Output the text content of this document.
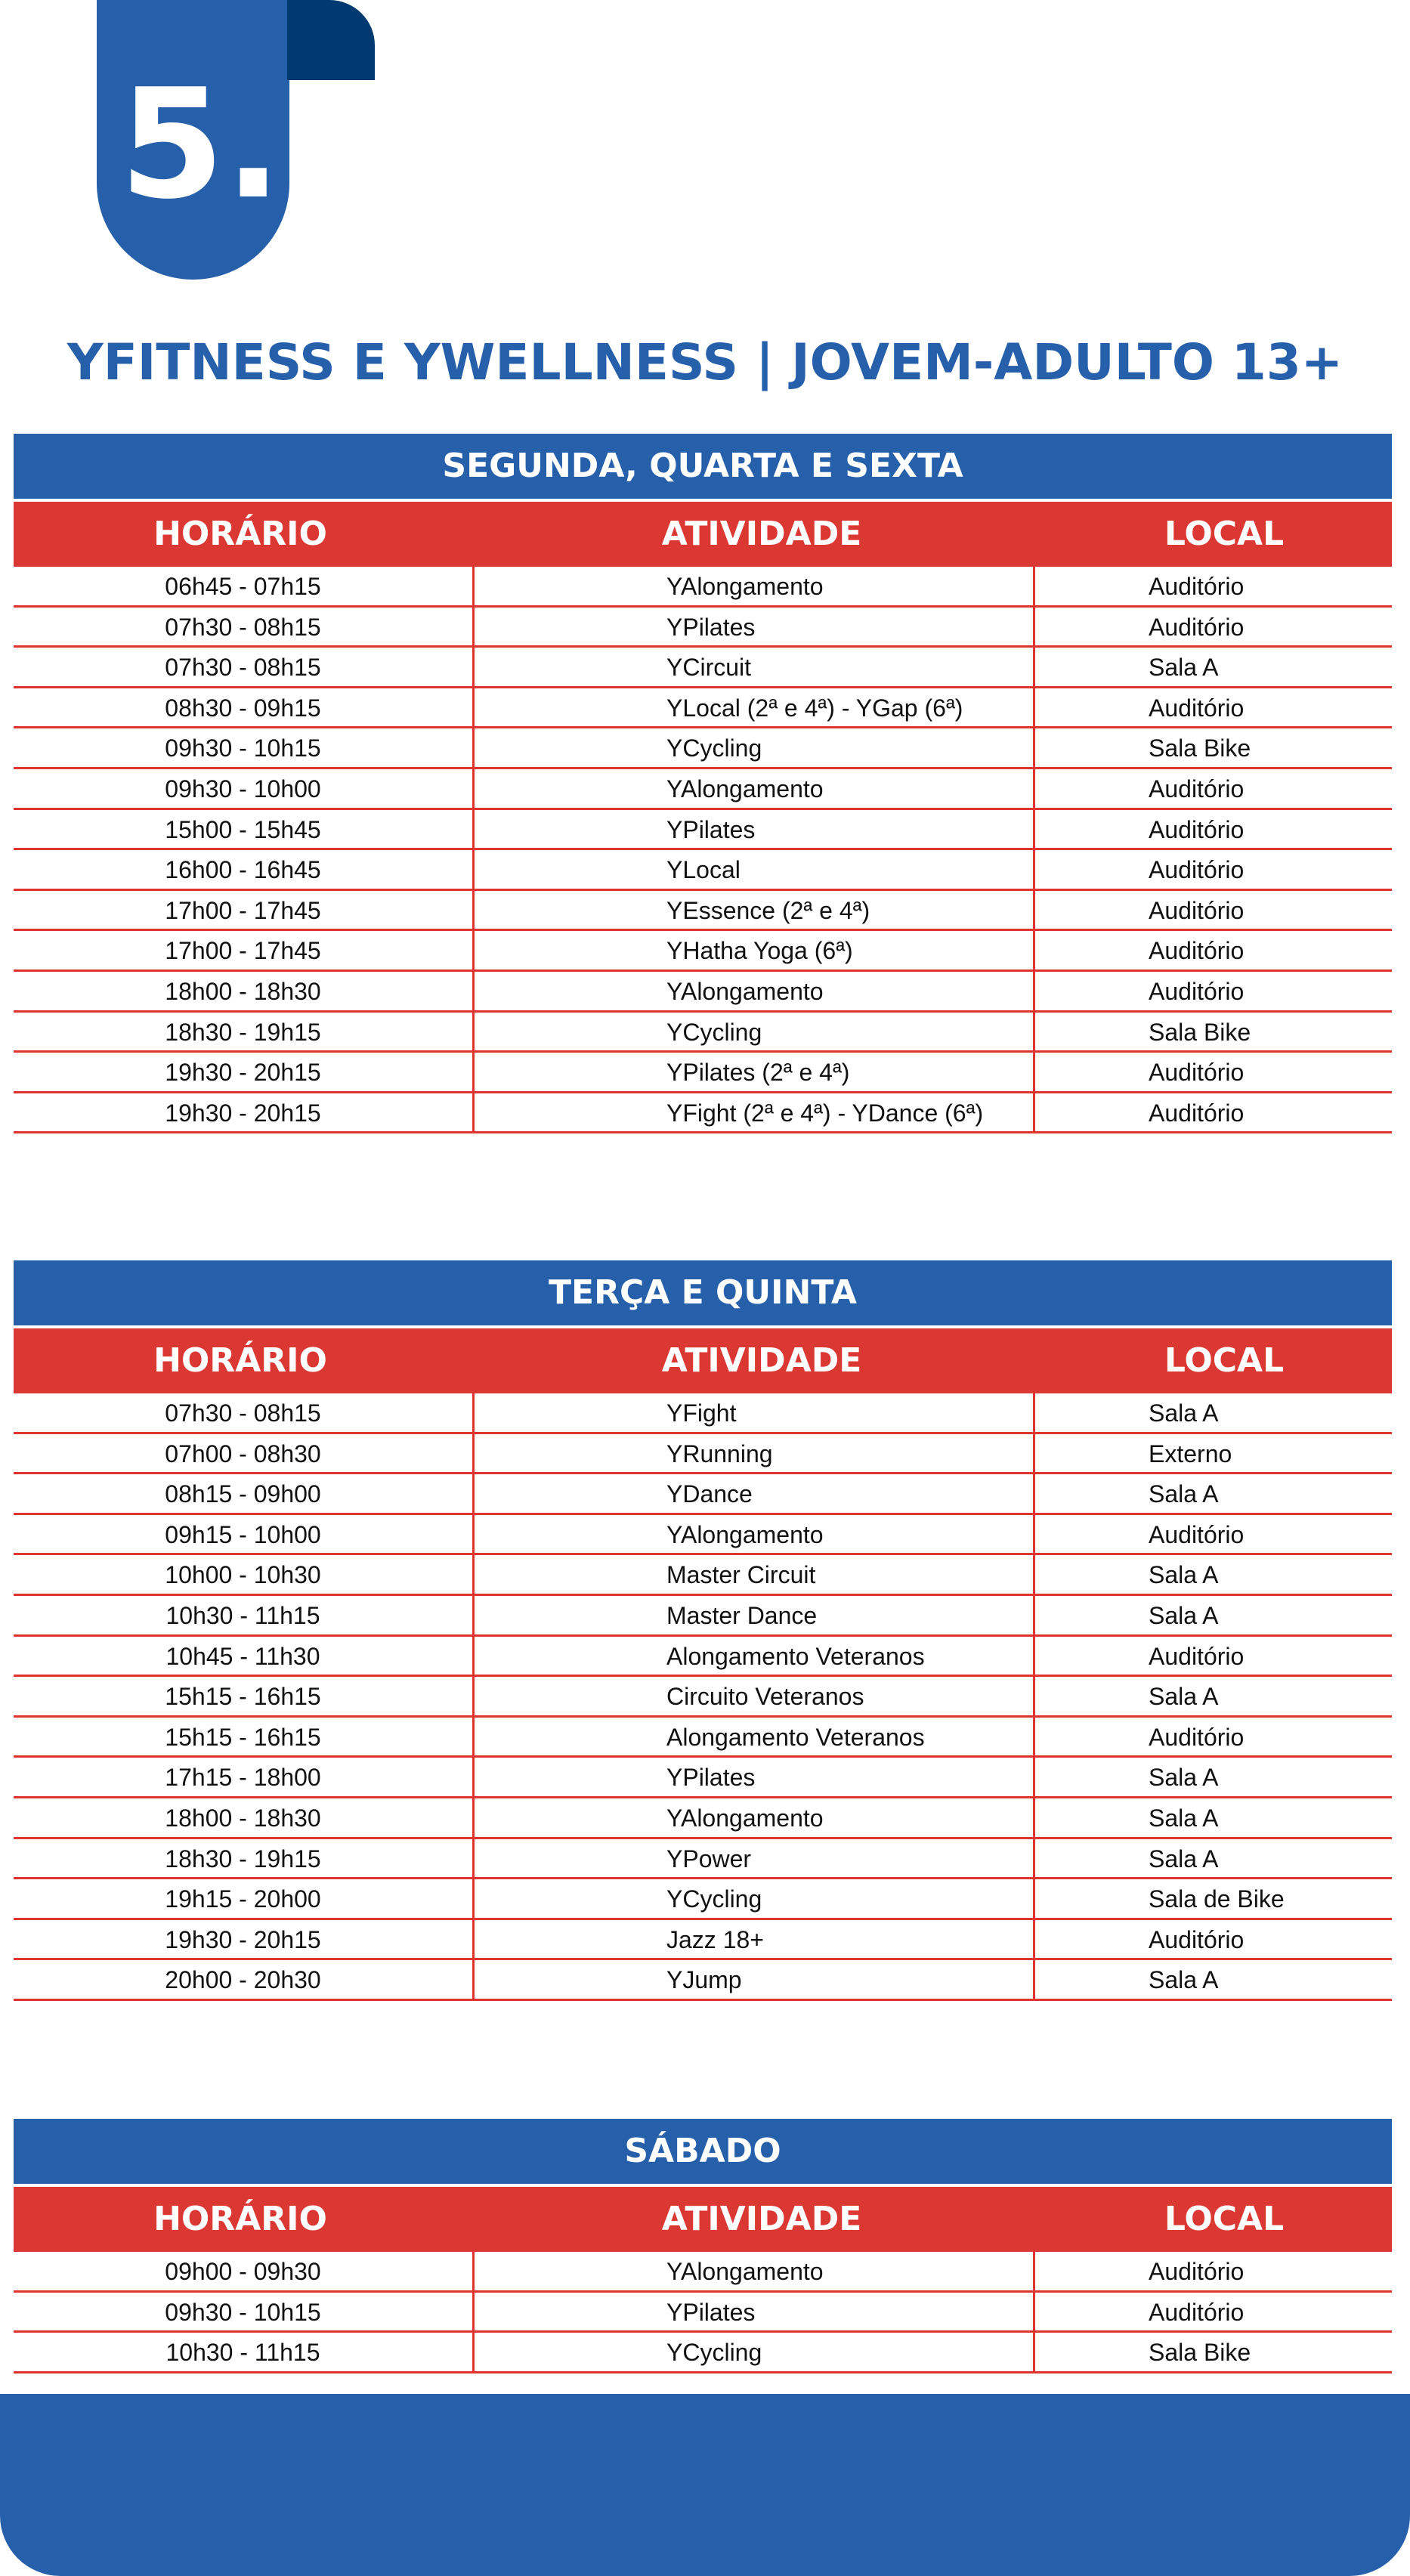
5.
YFITNESS E YWELLNESS | JOVEM-ADULTO 13+
SEGUNDA, QUARTA E SEXTA
HORÁRIO	ATIVIDADE	LOCAL
06h45 - 07h15	YAlongamento	Auditório
07h30 - 08h15	YPilates	Auditório
07h30 - 08h15	YCircuit	Sala A
08h30 - 09h15	YLocal (2ª e 4ª) - YGap (6ª)	Auditório
09h30 - 10h15	YCycling	Sala Bike
09h30 - 10h00	YAlongamento	Auditório
15h00 - 15h45	YPilates	Auditório
16h00 - 16h45	YLocal	Auditório
17h00 - 17h45	YEssence (2ª e 4ª)	Auditório
17h00 - 17h45	YHatha Yoga (6ª)	Auditório
18h00 - 18h30	YAlongamento	Auditório
18h30 - 19h15	YCycling	Sala Bike
19h30 - 20h15	YPilates (2ª e 4ª)	Auditório
19h30 - 20h15	YFight (2ª e 4ª) - YDance (6ª)	Auditório
TERÇA E QUINTA
HORÁRIO	ATIVIDADE	LOCAL
07h30 - 08h15	YFight	Sala A
07h00 - 08h30	YRunning	Externo
08h15 - 09h00	YDance	Sala A
09h15 - 10h00	YAlongamento	Auditório
10h00 - 10h30	Master Circuit	Sala A
10h30 - 11h15	Master Dance	Sala A
10h45 - 11h30	Alongamento Veteranos	Auditório
15h15 - 16h15	Circuito Veteranos	Sala A
15h15 - 16h15	Alongamento Veteranos	Auditório
17h15 - 18h00	YPilates	Sala A
18h00 - 18h30	YAlongamento	Sala A
18h30 - 19h15	YPower	Sala A
19h15 - 20h00	YCycling	Sala de Bike
19h30 - 20h15	Jazz 18+	Auditório
20h00 - 20h30	YJump	Sala A
SÁBADO
HORÁRIO	ATIVIDADE	LOCAL
09h00 - 09h30	YAlongamento	Auditório
09h30 - 10h15	YPilates	Auditório
10h30 - 11h15	YCycling	Sala Bike
